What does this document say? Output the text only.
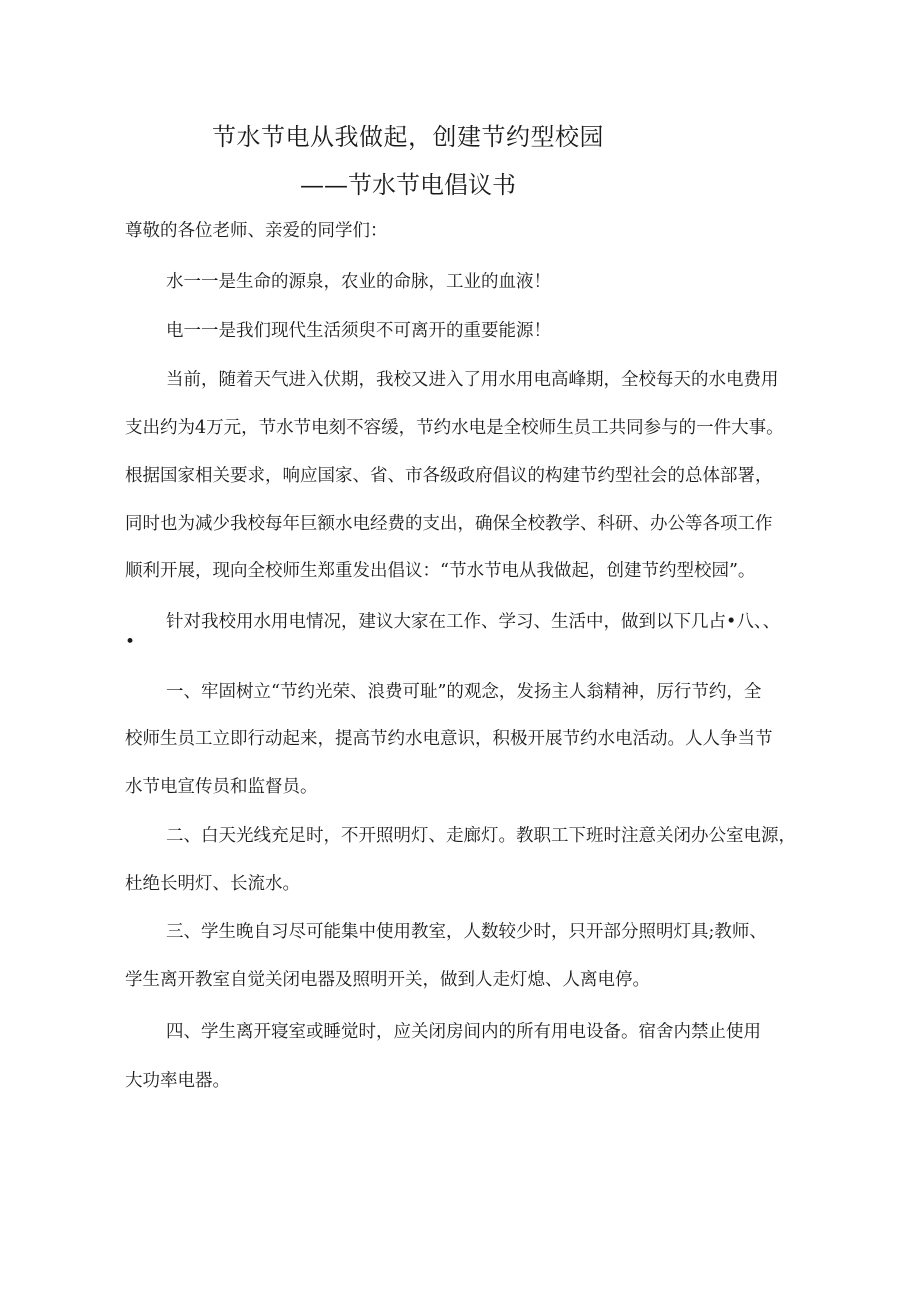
节水节电从我做起，创建节约型校园
——节水节电倡议书
尊敬的各位老师、亲爱的同学们：
水一一是生命的源泉，农业的命脉，工业的血液！
电一一是我们现代生活须臾不可离开的重要能源！
当前，随着天气进入伏期，我校又进入了用水用电高峰期，全校每天的水电费用
支出约为4万元，节水节电刻不容缓，节约水电是全校师生员工共同参与的一件大事。
根据国家相关要求，响应国家、省、市各级政府倡议的构建节约型社会的总体部署，
同时也为减少我校每年巨额水电经费的支出，确保全校教学、科研、办公等各项工作
顺利开展，现向全校师生郑重发出倡议：“节水节电从我做起，创建节约型校园”。
针对我校用水用电情况，建议大家在工作、学习、生活中，做到以下几占•八、、
•
一、牢固树立“节约光荣、浪费可耻”的观念，发扬主人翁精神，厉行节约，全
校师生员工立即行动起来，提高节约水电意识，积极开展节约水电活动。人人争当节
水节电宣传员和监督员。
二、白天光线充足时，不开照明灯、走廊灯。教职工下班时注意关闭办公室电源，
杜绝长明灯、长流水。
三、学生晚自习尽可能集中使用教室，人数较少时，只开部分照明灯具;教师、
学生离开教室自觉关闭电器及照明开关，做到人走灯熄、人离电停。
四、学生离开寝室或睡觉时，应关闭房间内的所有用电设备。宿舍内禁止使用
大功率电器。
